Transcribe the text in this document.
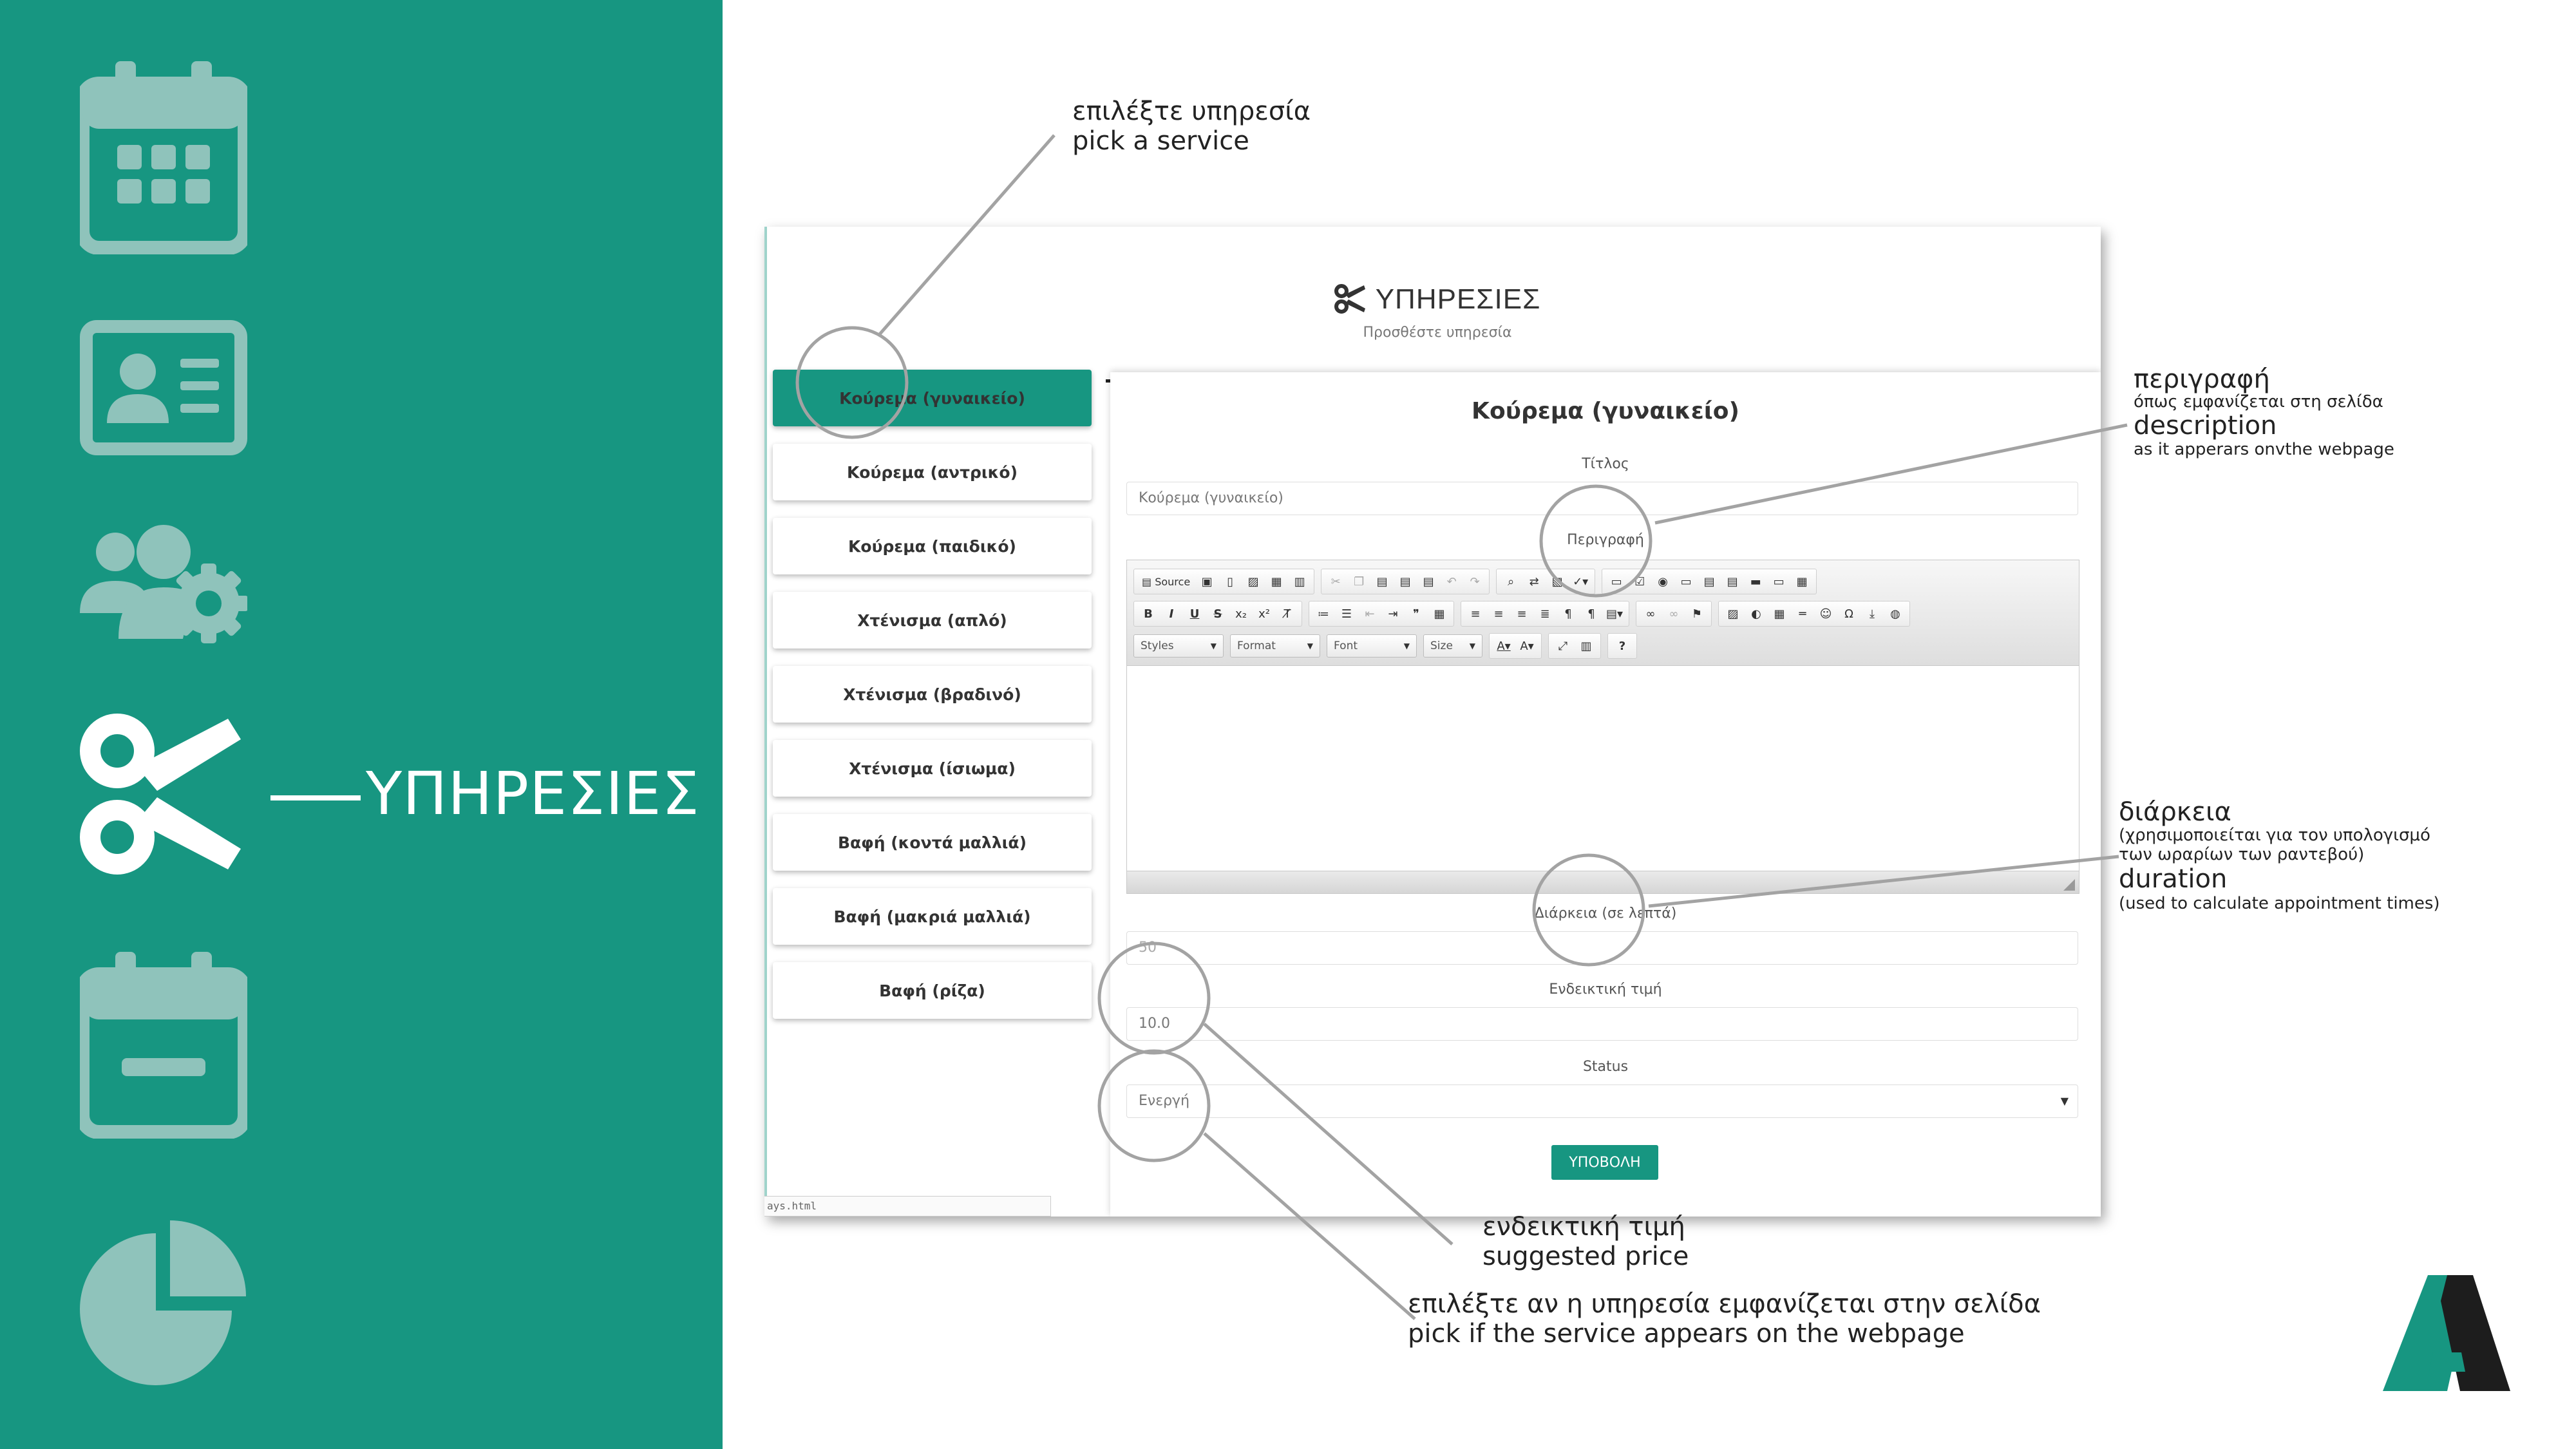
ΥΠΗΡΕΣΙΕΣ
ΥΠΗΡΕΣΙΕΣ
Προσθέστε υπηρεσία
Κούρεμα (γυναικείο)
Κούρεμα (αντρικό)
Κούρεμα (παιδικό)
Χτένισμα (απλό)
Χτένισμα (βραδινό)
Χτένισμα (ίσιωμα)
Βαφή (κοντά μαλλιά)
Βαφή (μακριά μαλλιά)
Βαφή (ρίζα)
ays.html
Κούρεμα (γυναικείο)
Τίτλος
Κούρεμα (γυναικείο)
Περιγραφή
▤ Source ▣	▯	▨	▦	▥	✂	❐	▤	▤	▤	↶	↷	⌕	⇄	▧ ✓▾	▭	☑	◉	▭	▤	▤	▬	▭	▦
B	I	U	S	x₂	x²	T̸	≔	☰	⇤	⇥	❞	▦	≡	≡	≡	≣	¶	¶ ▤▾	∞	∞	⚑	▨	◐	▦	═	☺	Ω	⤓	◍
Styles	▼ Format	▼ Font	▼ Size ▼ A▾ A▾	⤢	▥	?
Διάρκεια (σε λεπτά)
50
Ενδεικτική τιμή
10.0
Status
Ενεργή	▼
ΥΠΟΒΟΛΗ
επιλέξτε υπηρεσία
pick a service
περιγραφή
όπως εμφανίζεται στη σελίδα
description
as it apperars onvthe webpage
διάρκεια
(χρησιμοποιείται για τον υπολογισμό
των ωραρίων των ραντεβού)
duration
(used to calculate appointment times)
ενδεικτική τιμή
suggested price
επιλέξτε αν η υπηρεσία εμφανίζεται στην σελίδα
pick if the service appears on the webpage
